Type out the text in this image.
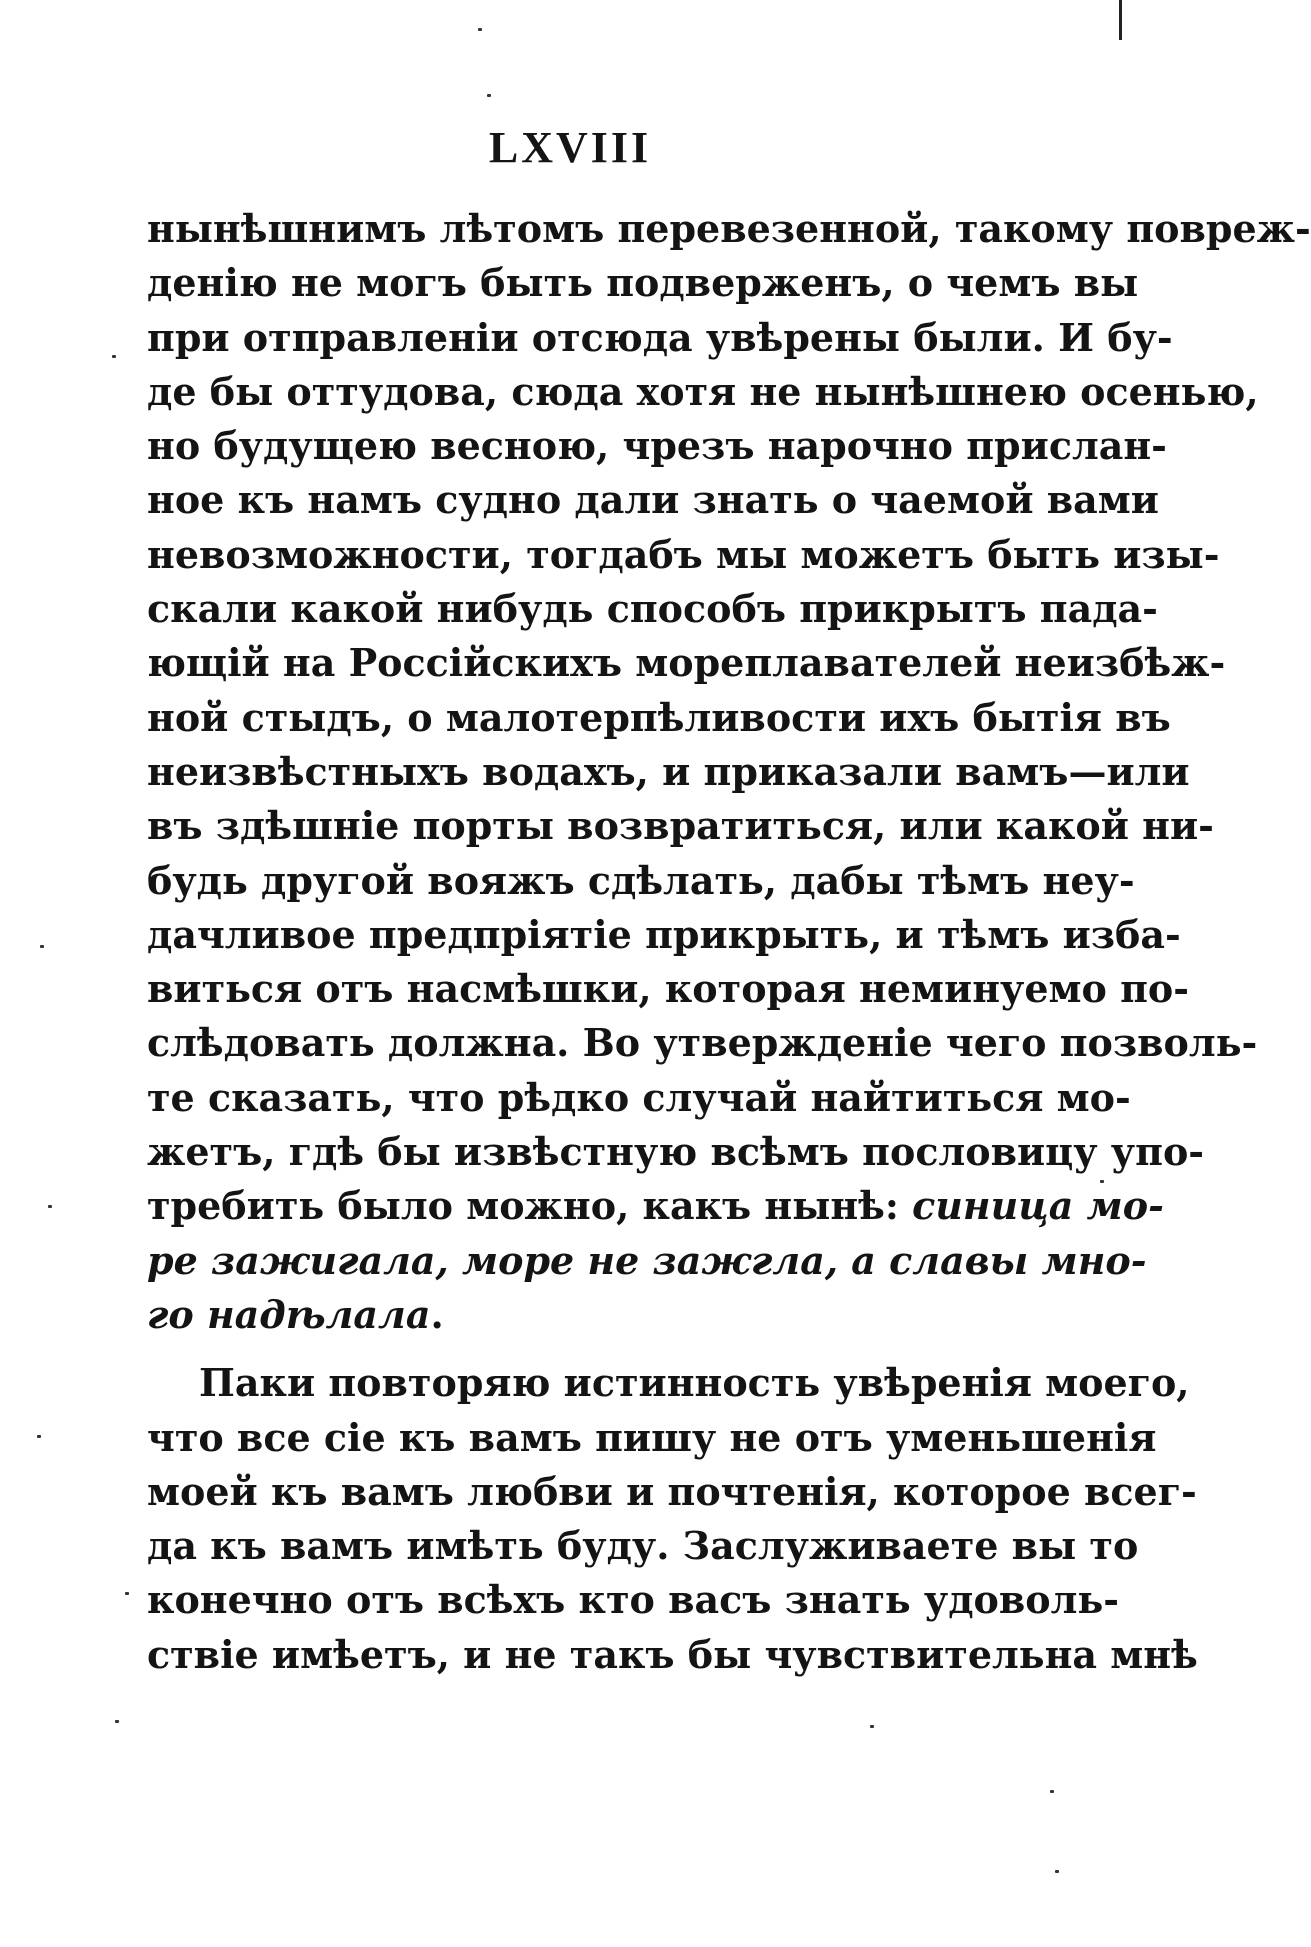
LXVIII
нынѣшнимъ лѣтомъ перевезенной, такому повреж-
денію не могъ быть подверженъ, о чемъ вы
при отправленіи отсюда увѣрены были. И бу-
де бы оттудова, сюда хотя не нынѣшнею осенью,
но будущею весною, чрезъ нарочно прислан-
ное къ намъ судно дали знать о чаемой вами
невозможности, тогдабъ мы можетъ быть изы-
скали какой нибудь способъ прикрытъ пада-
ющій на Россійскихъ мореплавателей неизбѣж-
ной стыдъ, о малотерпѣливости ихъ бытія въ
неизвѣстныхъ водахъ, и приказали вамъ—или
въ здѣшніе порты возвратиться, или какой ни-
будь другой вояжъ сдѣлать, дабы тѣмъ неу-
дачливое предпріятіе прикрыть, и тѣмъ изба-
виться отъ насмѣшки, которая неминуемо по-
слѣдовать должна. Во утвержденіе чего позволь-
те сказать, что рѣдко случай найтиться мо-
жетъ, гдѣ бы извѣстную всѣмъ пословицу упо-
требить было можно, какъ нынѣ: синица мо-
ре зажигала, море не зажгла, а славы мно-
го надѣлала.
Паки повторяю истинность увѣренія моего,
что все сіе къ вамъ пишу не отъ уменьшенія
моей къ вамъ любви и почтенія, которое всег-
да къ вамъ имѣть буду. Заслуживаете вы то
конечно отъ всѣхъ кто васъ знать удоволь-
ствіе имѣетъ, и не такъ бы чувствительна мнѣ
